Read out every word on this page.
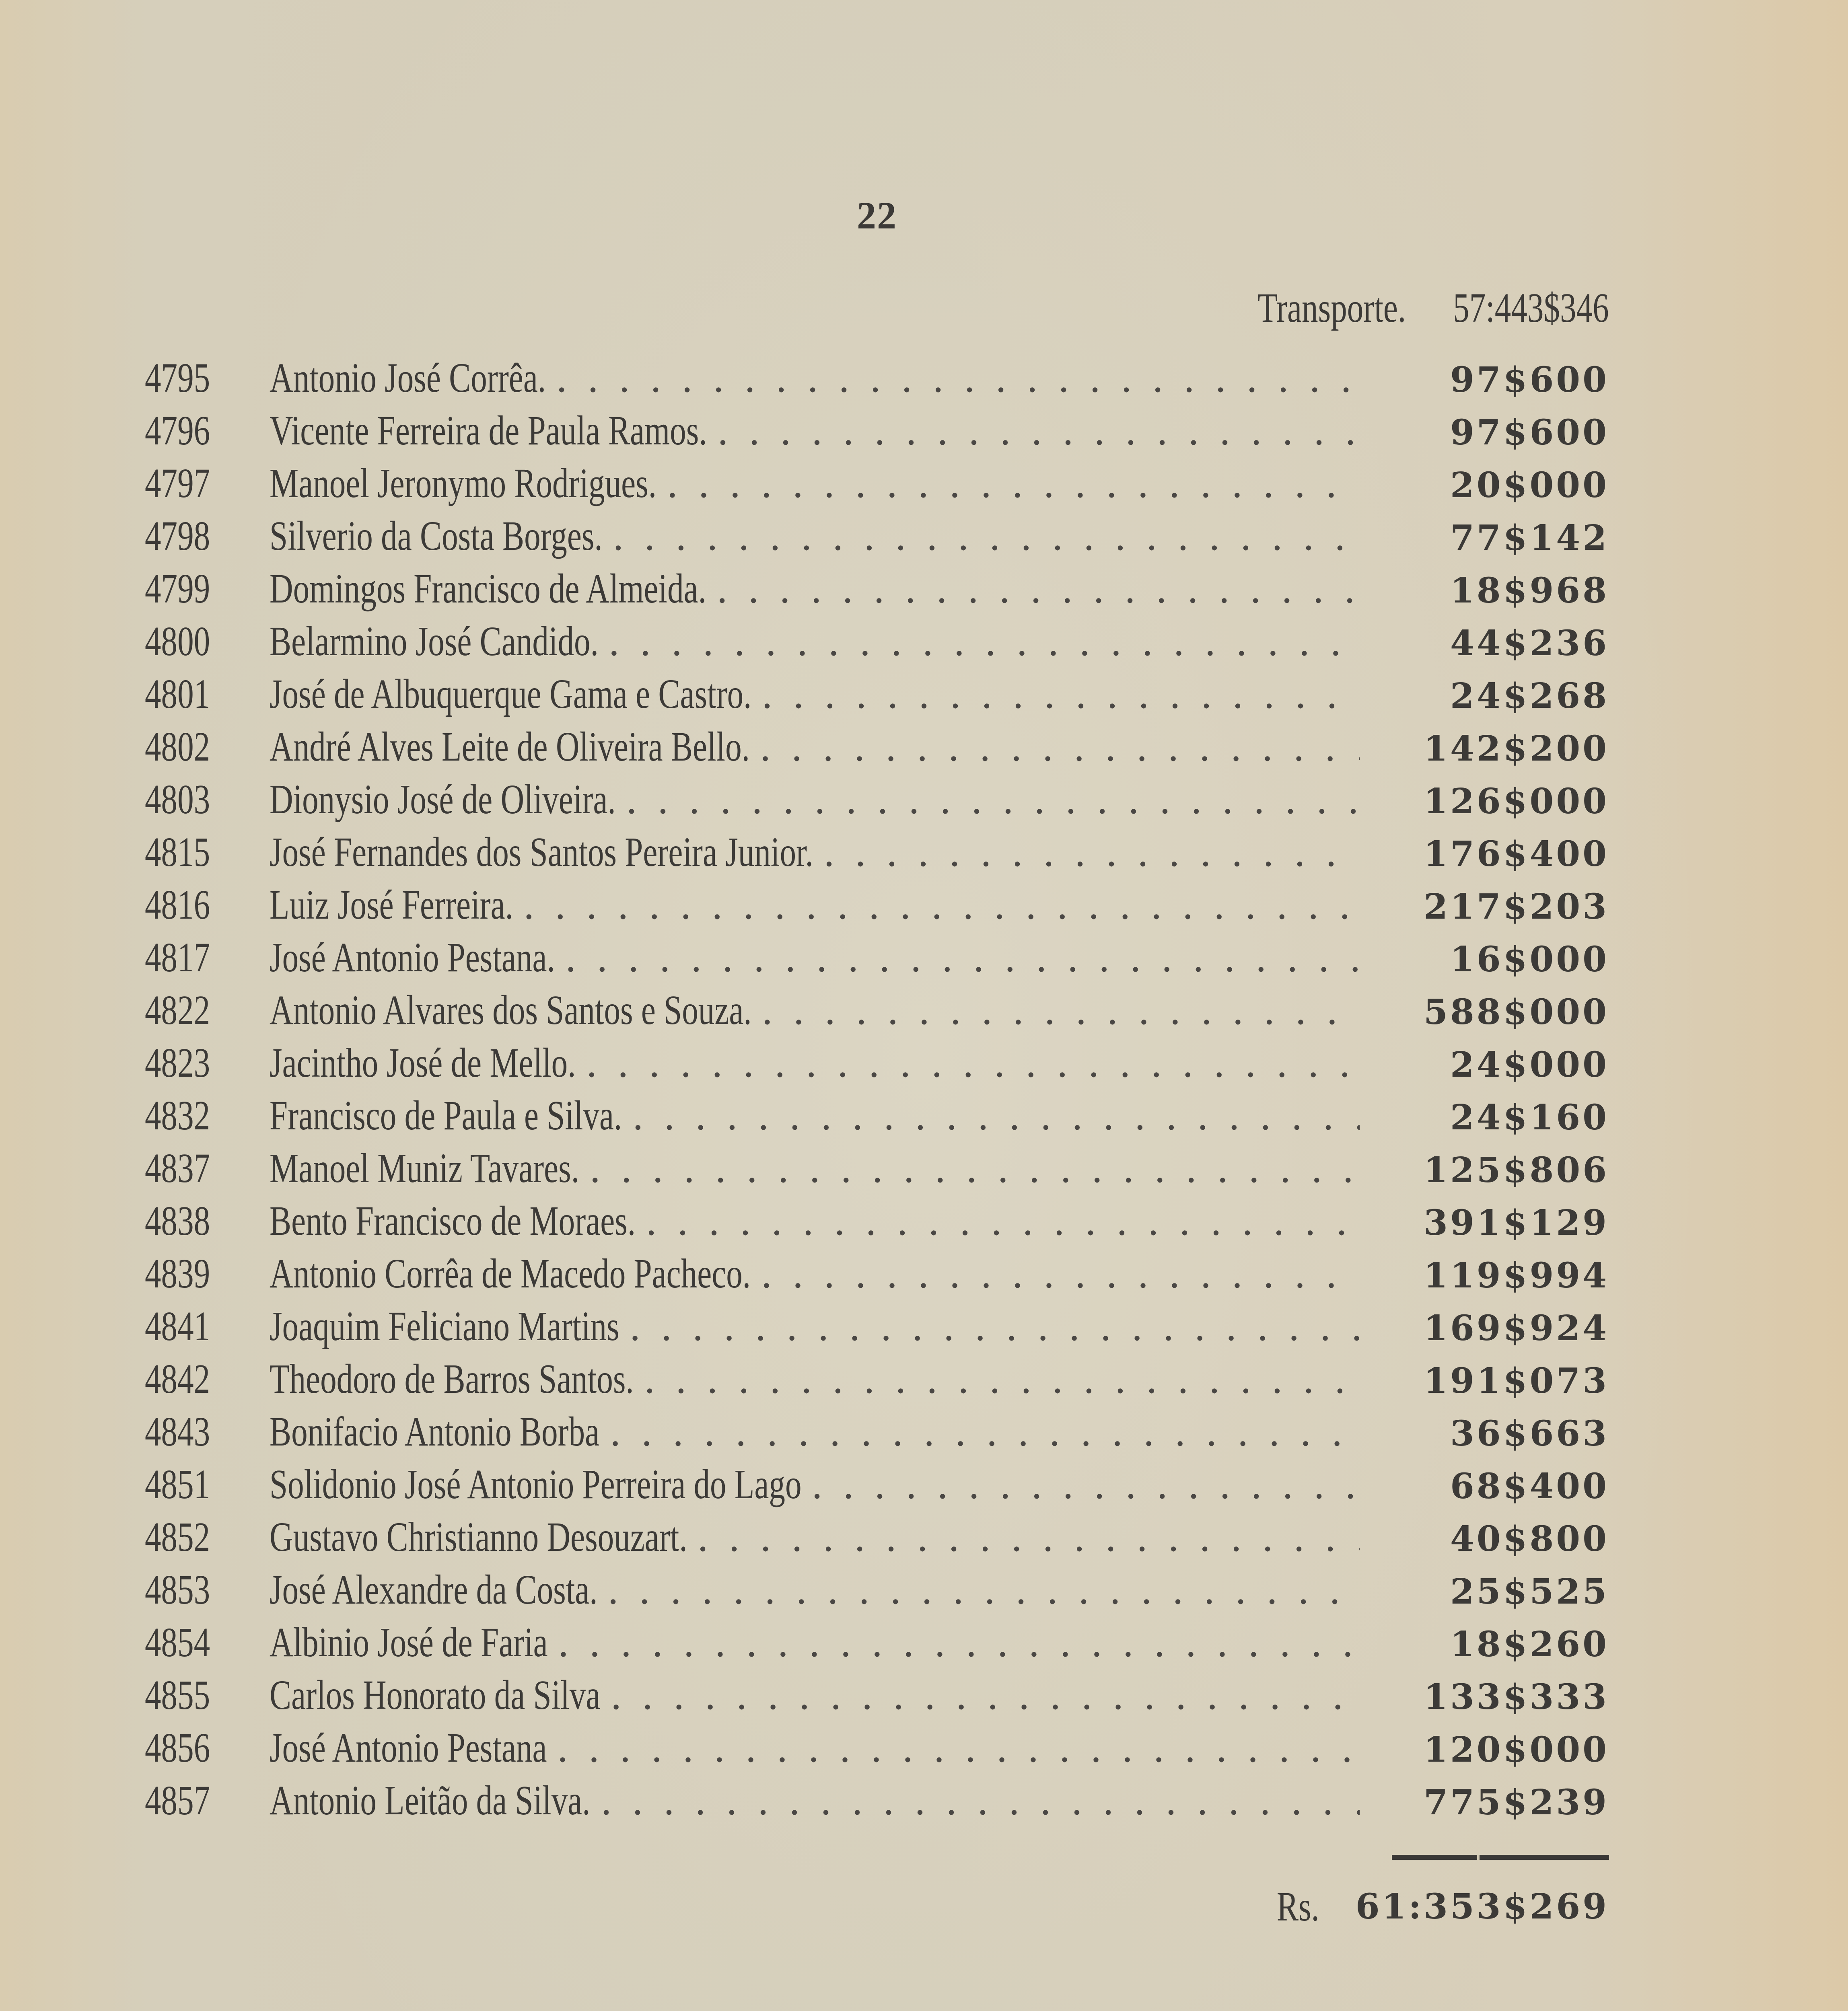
22
Transporte. 57:443$346
4795	Antonio José Corrêa. . .	97$600
4796	Vicente Ferreira de Paula Ramos. . .	97$600
4797	Manoel Jeronymo Rodrigues. . .	20$000
4798	Silverio da Costa Borges. . .	77$142
4799	Domingos Francisco de Almeida. . .	18$968
4800	Belarmino José Candido. . .	44$236
4801	José de Albuquerque Gama e Castro. . .	24$268
4802	André Alves Leite de Oliveira Bello. . .	142$200
4803	Dionysio José de Oliveira. . .	126$000
4815	José Fernandes dos Santos Pereira Junior. . .	176$400
4816	Luiz José Ferreira. . .	217$203
4817	José Antonio Pestana. . .	16$000
4822	Antonio Alvares dos Santos e Souza. . .	588$000
4823	Jacintho José de Mello. . .	24$000
4832	Francisco de Paula e Silva. . .	24$160
4837	Manoel Muniz Tavares. . .	125$806
4838	Bento Francisco de Moraes. . .	391$129
4839	Antonio Corrêa de Macedo Pacheco. . .	119$994
4841	Joaquim Feliciano Martins . .	169$924
4842	Theodoro de Barros Santos. . .	191$073
4843	Bonifacio Antonio Borba . .	36$663
4851	Solidonio José Antonio Perreira do Lago . .	68$400
4852	Gustavo Christianno Desouzart. . .	40$800
4853	José Alexandre da Costa. . .	25$525
4854	Albinio José de Faria . .	18$260
4855	Carlos Honorato da Silva . .	133$333
4856	José Antonio Pestana . .	120$000
4857	Antonio Leitão da Silva. . .	775$239
Rs. 61:353$269
